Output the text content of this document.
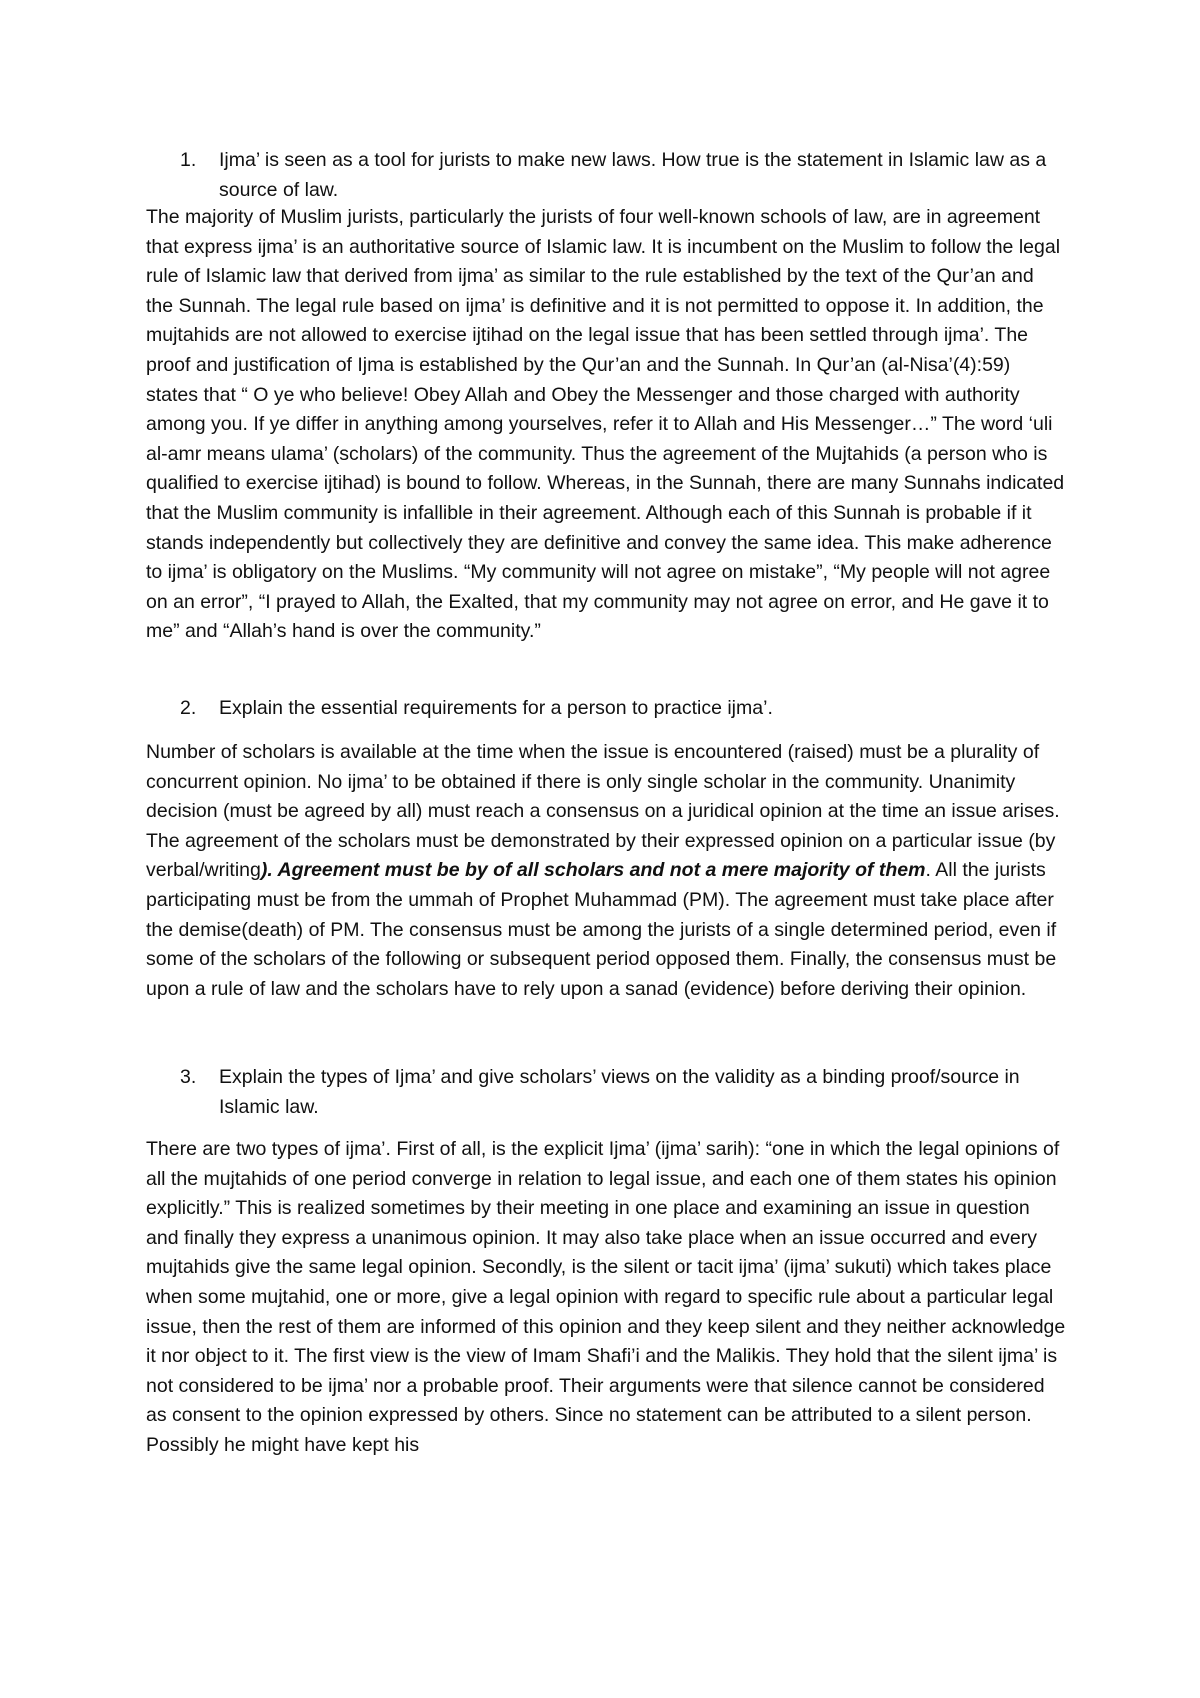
1. Ijma’ is seen as a tool for jurists to make new laws. How true is the statement in Islamic law as a source of law.
The majority of Muslim jurists, particularly the jurists of four well-known schools of law, are in agreement that express ijma’ is an authoritative source of Islamic law. It is incumbent on the Muslim to follow the legal rule of Islamic law that derived from ijma’ as similar to the rule established by the text of the Qur’an and the Sunnah. The legal rule based on ijma’ is definitive and it is not permitted to oppose it. In addition, the mujtahids are not allowed to exercise ijtihad on the legal issue that has been settled through ijma’. The proof and justification of Ijma is established by the Qur’an and the Sunnah. In Qur’an (al-Nisa’(4):59) states that “ O ye who believe! Obey Allah and Obey the Messenger and those charged with authority among you. If ye differ in anything among yourselves, refer it to Allah and His Messenger…” The word ‘uli al-amr means ulama’ (scholars) of the community. Thus the agreement of the Mujtahids (a person who is qualified to exercise ijtihad) is bound to follow. Whereas, in the Sunnah, there are many Sunnahs indicated that the Muslim community is infallible in their agreement. Although each of this Sunnah is probable if it stands independently but collectively they are definitive and convey the same idea. This make adherence to ijma’ is obligatory on the Muslims. “My community will not agree on mistake”, “My people will not agree on an error”, “I prayed to Allah, the Exalted, that my community may not agree on error, and He gave it to me” and “Allah’s hand is over the community.”
2. Explain the essential requirements for a person to practice ijma’.
Number of scholars is available at the time when the issue is encountered (raised) must be a plurality of concurrent opinion. No ijma’ to be obtained if there is only single scholar in the community. Unanimity decision (must be agreed by all) must reach a consensus on a juridical opinion at the time an issue arises. The agreement of the scholars must be demonstrated by their expressed opinion on a particular issue (by verbal/writing). Agreement must be by of all scholars and not a mere majority of them. All the jurists participating must be from the ummah of Prophet Muhammad (PM). The agreement must take place after the demise(death) of PM. The consensus must be among the jurists of a single determined period, even if some of the scholars of the following or subsequent period opposed them. Finally, the consensus must be upon a rule of law and the scholars have to rely upon a sanad (evidence) before deriving their opinion.
3. Explain the types of Ijma’ and give scholars’ views on the validity as a binding proof/source in Islamic law.
There are two types of ijma’. First of all, is the explicit Ijma’ (ijma’ sarih): “one in which the legal opinions of all the mujtahids of one period converge in relation to legal issue, and each one of them states his opinion explicitly.” This is realized sometimes by their meeting in one place and examining an issue in question and finally they express a unanimous opinion. It may also take place when an issue occurred and every mujtahids give the same legal opinion. Secondly, is the silent or tacit ijma’ (ijma’ sukuti) which takes place when some mujtahid, one or more, give a legal opinion with regard to specific rule about a particular legal issue, then the rest of them are informed of this opinion and they keep silent and they neither acknowledge it nor object to it. The first view is the view of Imam Shafi’i and the Malikis. They hold that the silent ijma’ is not considered to be ijma’ nor a probable proof. Their arguments were that silence cannot be considered as consent to the opinion expressed by others. Since no statement can be attributed to a silent person. Possibly he might have kept his
